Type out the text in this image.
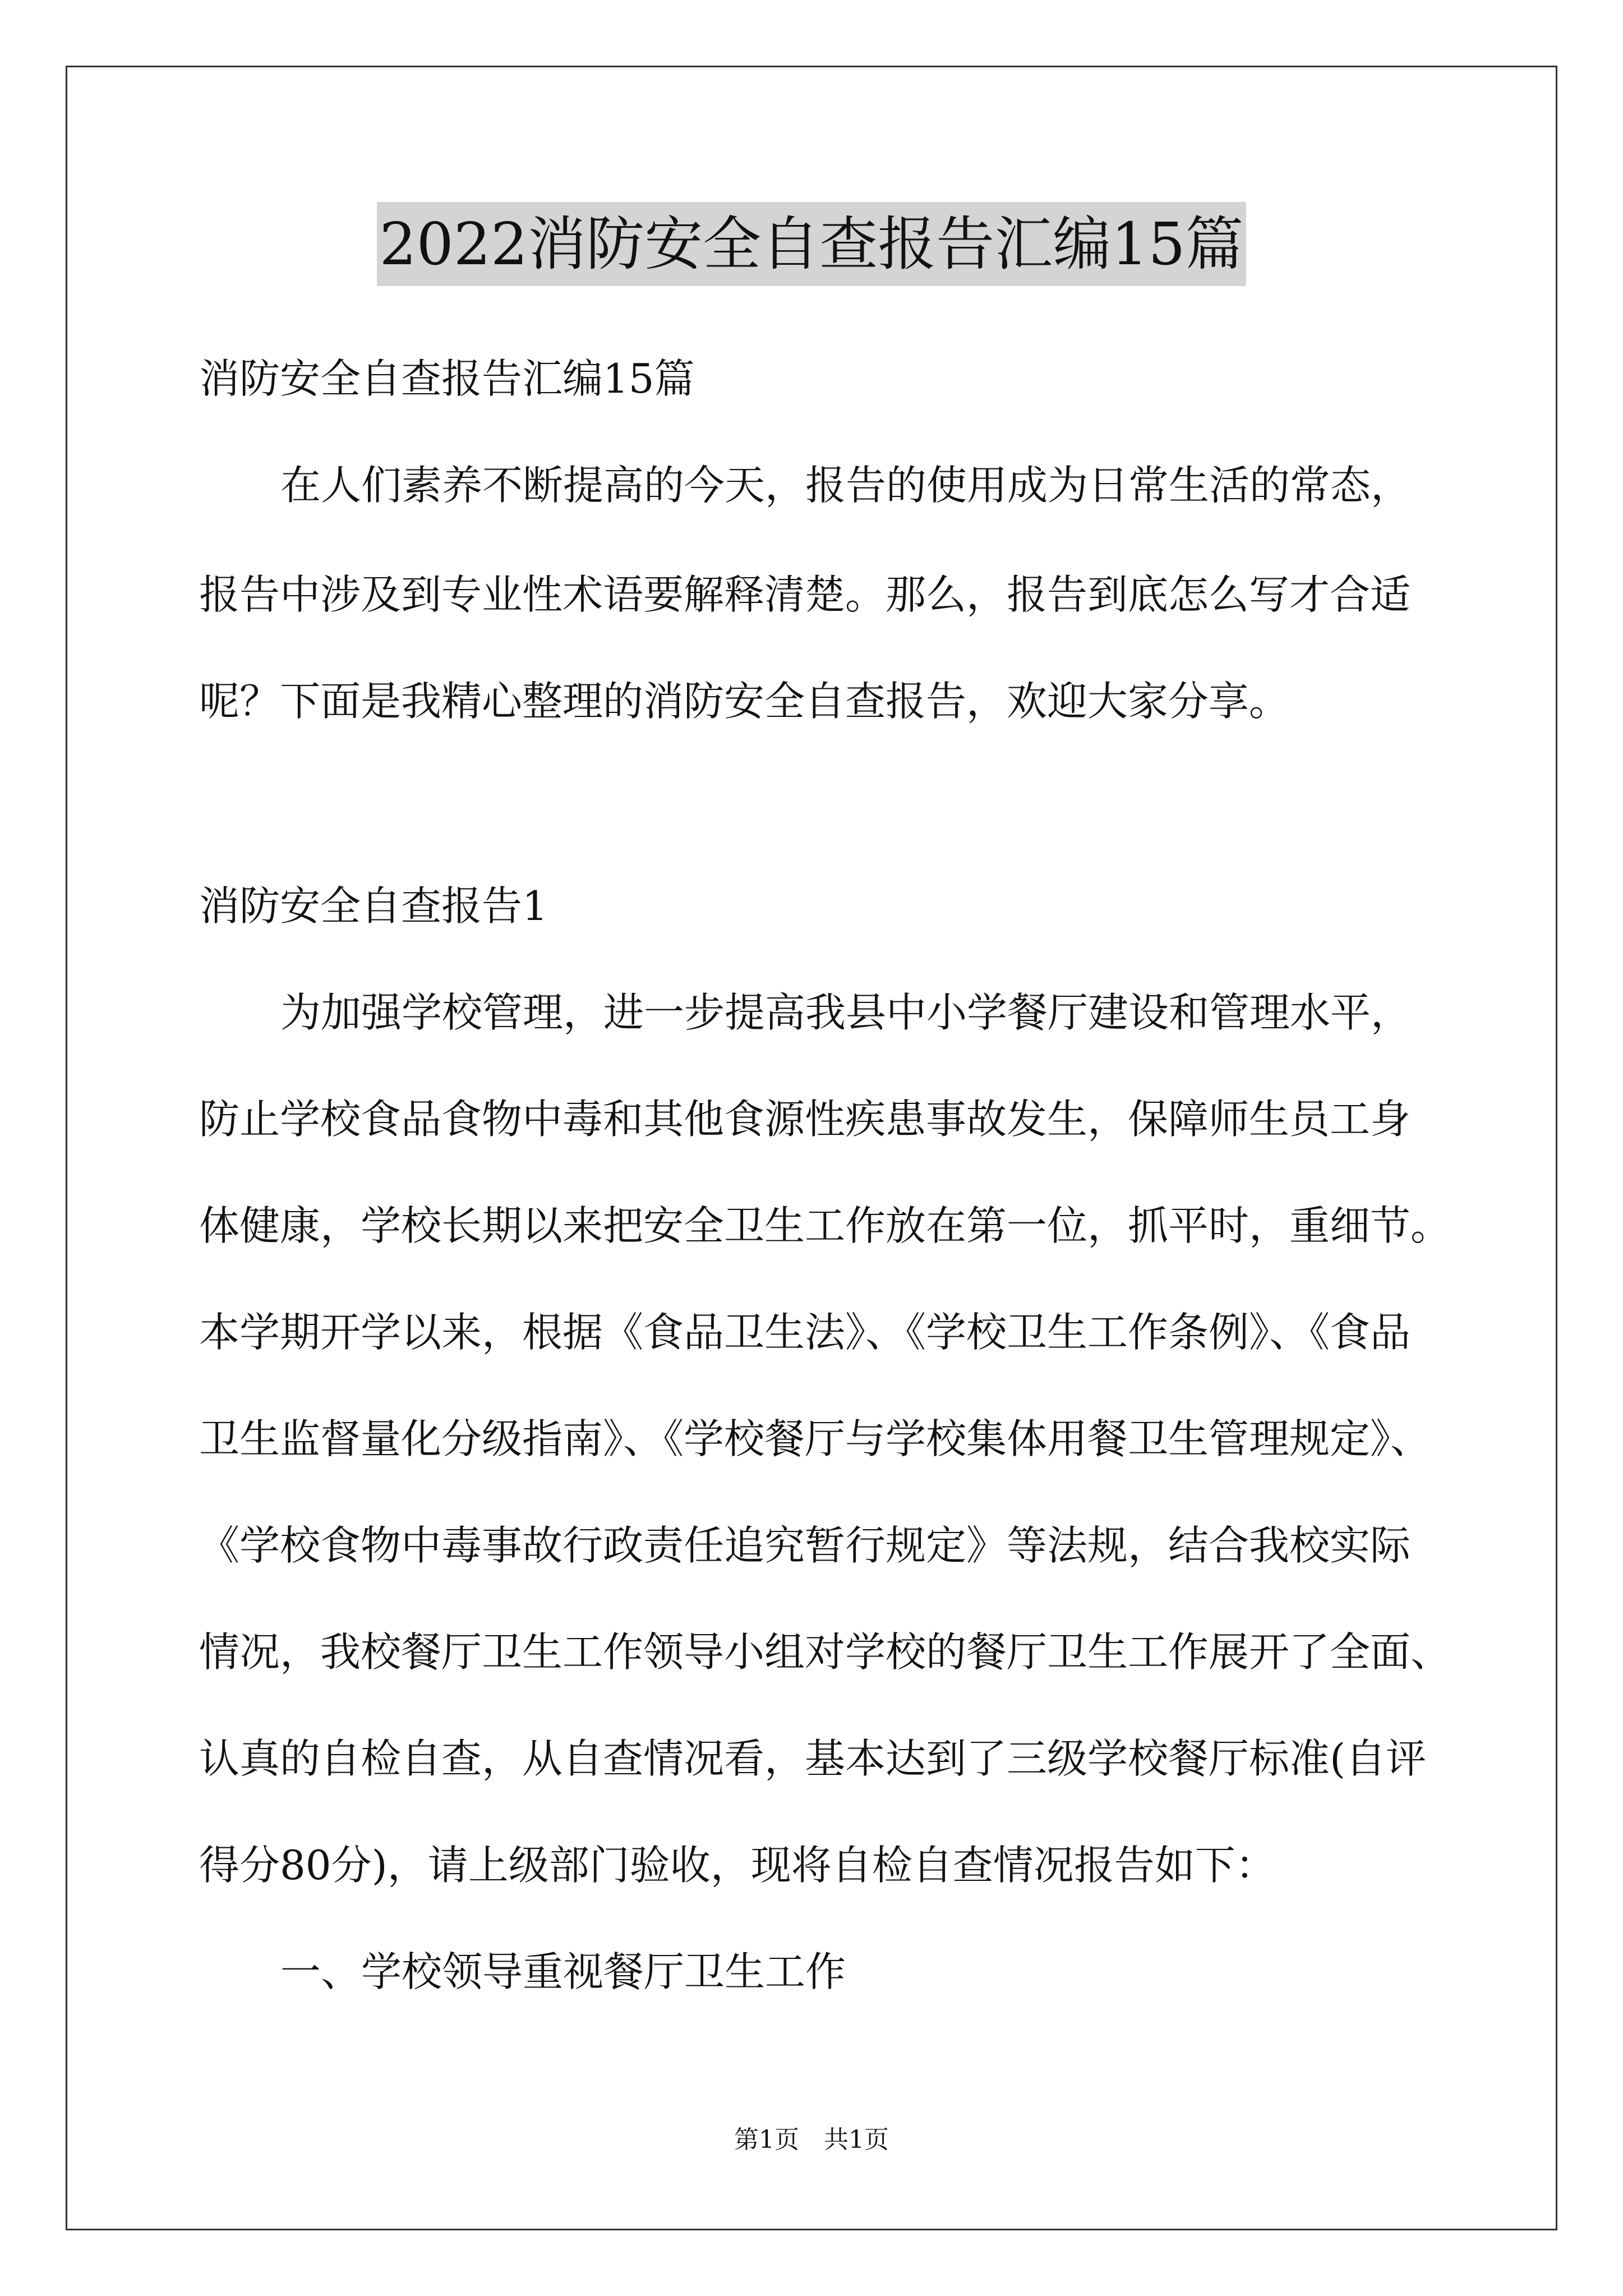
2022消防安全自查报告汇编15篇
消防安全自查报告汇编15篇
在人们素养不断提高的今天，报告的使用成为日常生活的常态，
报告中涉及到专业性术语要解释清楚。那么，报告到底怎么写才合适
呢？下面是我精心整理的消防安全自查报告，欢迎大家分享。
消防安全自查报告1
为加强学校管理，进一步提高我县中小学餐厅建设和管理水平，
防止学校食品食物中毒和其他食源性疾患事故发生，保障师生员工身
体健康，学校长期以来把安全卫生工作放在第一位，抓平时，重细节。
本学期开学以来，根据《食品卫生法》、《学校卫生工作条例》、《食品
卫生监督量化分级指南》、《学校餐厅与学校集体用餐卫生管理规定》、
《学校食物中毒事故行政责任追究暂行规定》等法规，结合我校实际
情况，我校餐厅卫生工作领导小组对学校的餐厅卫生工作展开了全面、
认真的自检自查，从自查情况看，基本达到了三级学校餐厅标准(自评
得分80分)，请上级部门验收，现将自检自查情况报告如下：
一、学校领导重视餐厅卫生工作
第1页　共1页
